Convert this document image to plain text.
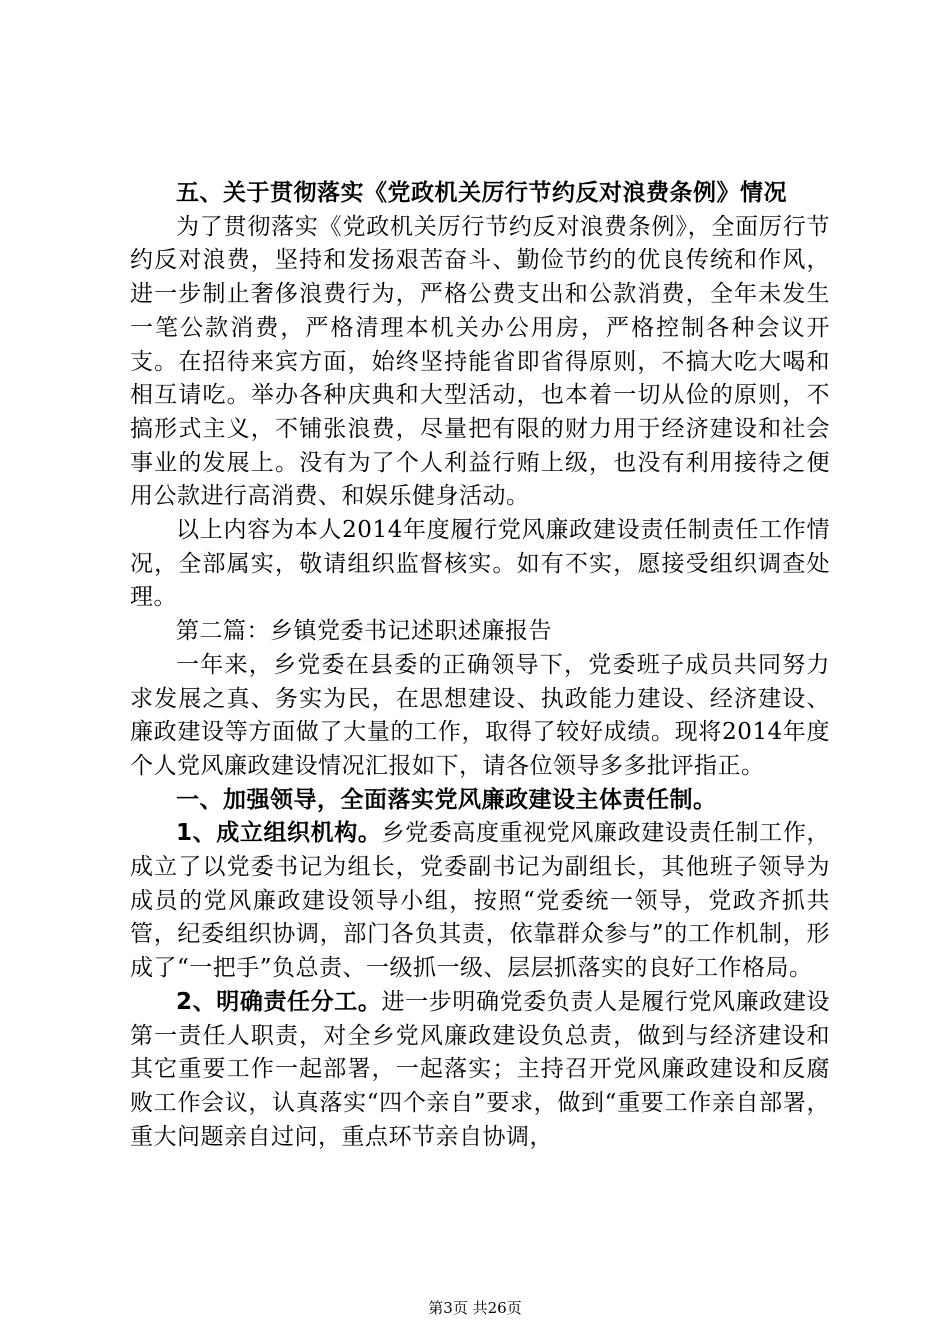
五、关于贯彻落实《党政机关厉行节约反对浪费条例》情况

为了贯彻落实《党政机关厉行节约反对浪费条例》，全面厉行节约反对浪费，坚持和发扬艰苦奋斗、勤俭节约的优良传统和作风，进一步制止奢侈浪费行为，严格公费支出和公款消费，全年未发生一笔公款消费，严格清理本机关办公用房，严格控制各种会议开支。在招待来宾方面，始终坚持能省即省得原则，不搞大吃大喝和相互请吃。举办各种庆典和大型活动，也本着一切从俭的原则，不搞形式主义，不铺张浪费，尽量把有限的财力用于经济建设和社会事业的发展上。没有为了个人利益行贿上级，也没有利用接待之便用公款进行高消费、和娱乐健身活动。

以上内容为本人2014年度履行党风廉政建设责任制责任工作情况，全部属实，敬请组织监督核实。如有不实，愿接受组织调查处理。

第二篇：乡镇党委书记述职述廉报告

一年来，乡党委在县委的正确领导下，党委班子成员共同努力求发展之真、务实为民，在思想建设、执政能力建设、经济建设、廉政建设等方面做了大量的工作，取得了较好成绩。现将2014年度个人党风廉政建设情况汇报如下，请各位领导多多批评指正。

一、加强领导，全面落实党风廉政建设主体责任制。

1、成立组织机构。乡党委高度重视党风廉政建设责任制工作，成立了以党委书记为组长，党委副书记为副组长，其他班子领导为成员的党风廉政建设领导小组，按照“党委统一领导，党政齐抓共管，纪委组织协调，部门各负其责，依靠群众参与”的工作机制，形成了“一把手”负总责、一级抓一级、层层抓落实的良好工作格局。

2、明确责任分工。进一步明确党委负责人是履行党风廉政建设第一责任人职责，对全乡党风廉政建设负总责，做到与经济建设和其它重要工作一起部署，一起落实；主持召开党风廉政建设和反腐败工作会议，认真落实“四个亲自”要求，做到“重要工作亲自部署，重大问题亲自过问，重点环节亲自协调，

第3页 共26页
